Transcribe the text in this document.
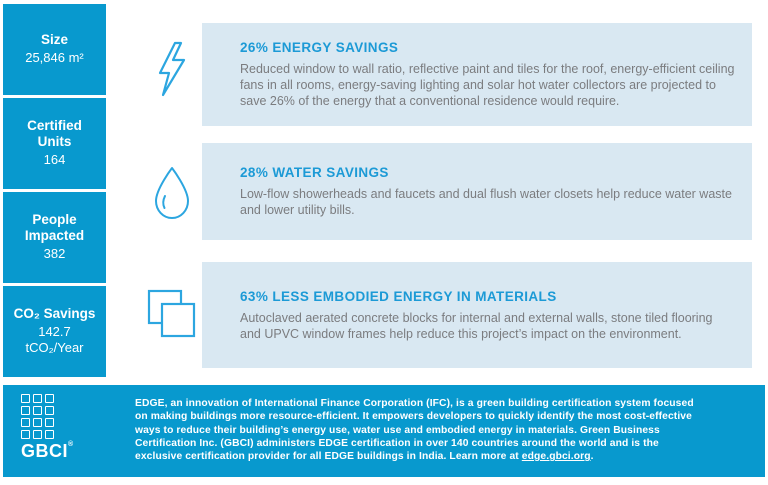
Size
25,846 m²
Certified Units
164
People Impacted
382
CO₂ Savings
142.7
tCO₂/Year
26% ENERGY SAVINGS
Reduced window to wall ratio, reflective paint and tiles for the roof, energy-efficient ceiling fans in all rooms, energy-saving lighting and solar hot water collectors are projected to save 26% of the energy that a conventional residence would require.
28% WATER SAVINGS
Low-flow showerheads and faucets and dual flush water closets help reduce water waste and lower utility bills.
63% LESS EMBODIED ENERGY IN MATERIALS
Autoclaved aerated concrete blocks for internal and external walls, stone tiled flooring and UPVC window frames help reduce this project’s impact on the environment.
GBCI®
EDGE, an innovation of International Finance Corporation (IFC), is a green building certification system focused on making buildings more resource-efficient. It empowers developers to quickly identify the most cost-effective ways to reduce their building’s energy use, water use and embodied energy in materials. Green Business Certification Inc. (GBCI) administers EDGE certification in over 140 countries around the world and is the exclusive certification provider for all EDGE buildings in India. Learn more at edge.gbci.org.
